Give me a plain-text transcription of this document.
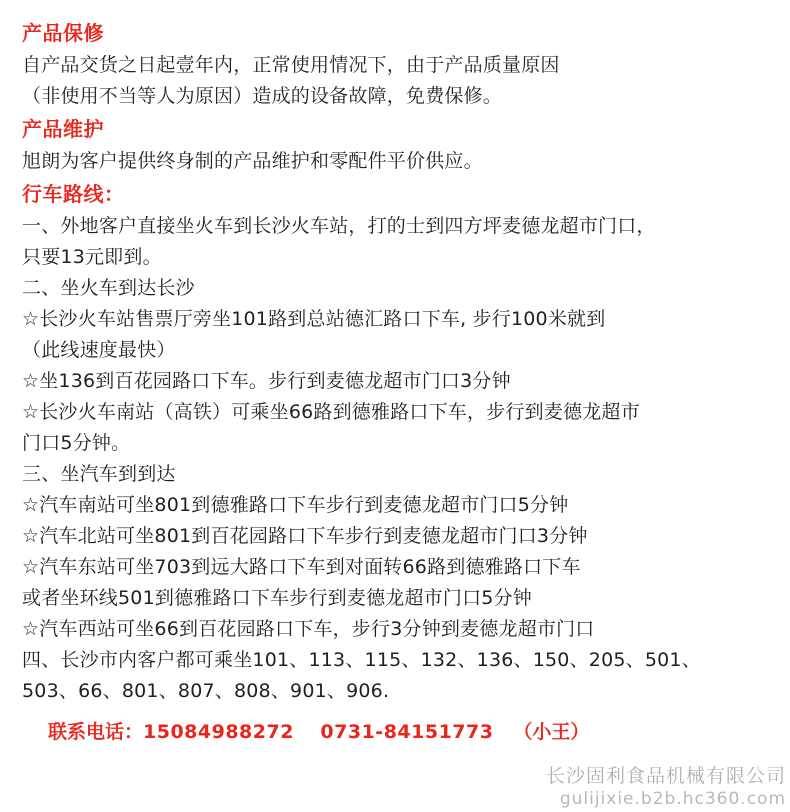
产品保修
自产品交货之日起壹年内，正常使用情况下，由于产品质量原因
（非使用不当等人为原因）造成的设备故障，免费保修。
产品维护
旭朗为客户提供终身制的产品维护和零配件平价供应。
行车路线：
一、外地客户直接坐火车到长沙火车站，打的士到四方坪麦德龙超市门口，
只要13元即到。
二、坐火车到达长沙
☆长沙火车站售票厅旁坐101路到总站德汇路口下车, 步行100米就到
（此线速度最快）
☆坐136到百花园路口下车。步行到麦德龙超市门口3分钟
☆长沙火车南站（高铁）可乘坐66路到德雅路口下车，步行到麦德龙超市
门口5分钟。
三、坐汽车到到达
☆汽车南站可坐801到德雅路口下车步行到麦德龙超市门口5分钟
☆汽车北站可坐801到百花园路口下车步行到麦德龙超市门口3分钟
☆汽车东站可坐703到远大路口下车到对面转66路到德雅路口下车
或者坐环线501到德雅路口下车步行到麦德龙超市门口5分钟
☆汽车西站可坐66到百花园路口下车，步行3分钟到麦德龙超市门口
四、长沙市内客户都可乘坐101、113、115、132、136、150、205、501、
503、66、801、807、808、901、906.
联系电话：15084988272 0731-84151773 （小王）
长沙固利食品机械有限公司
gulijixie.b2b.hc360.com
